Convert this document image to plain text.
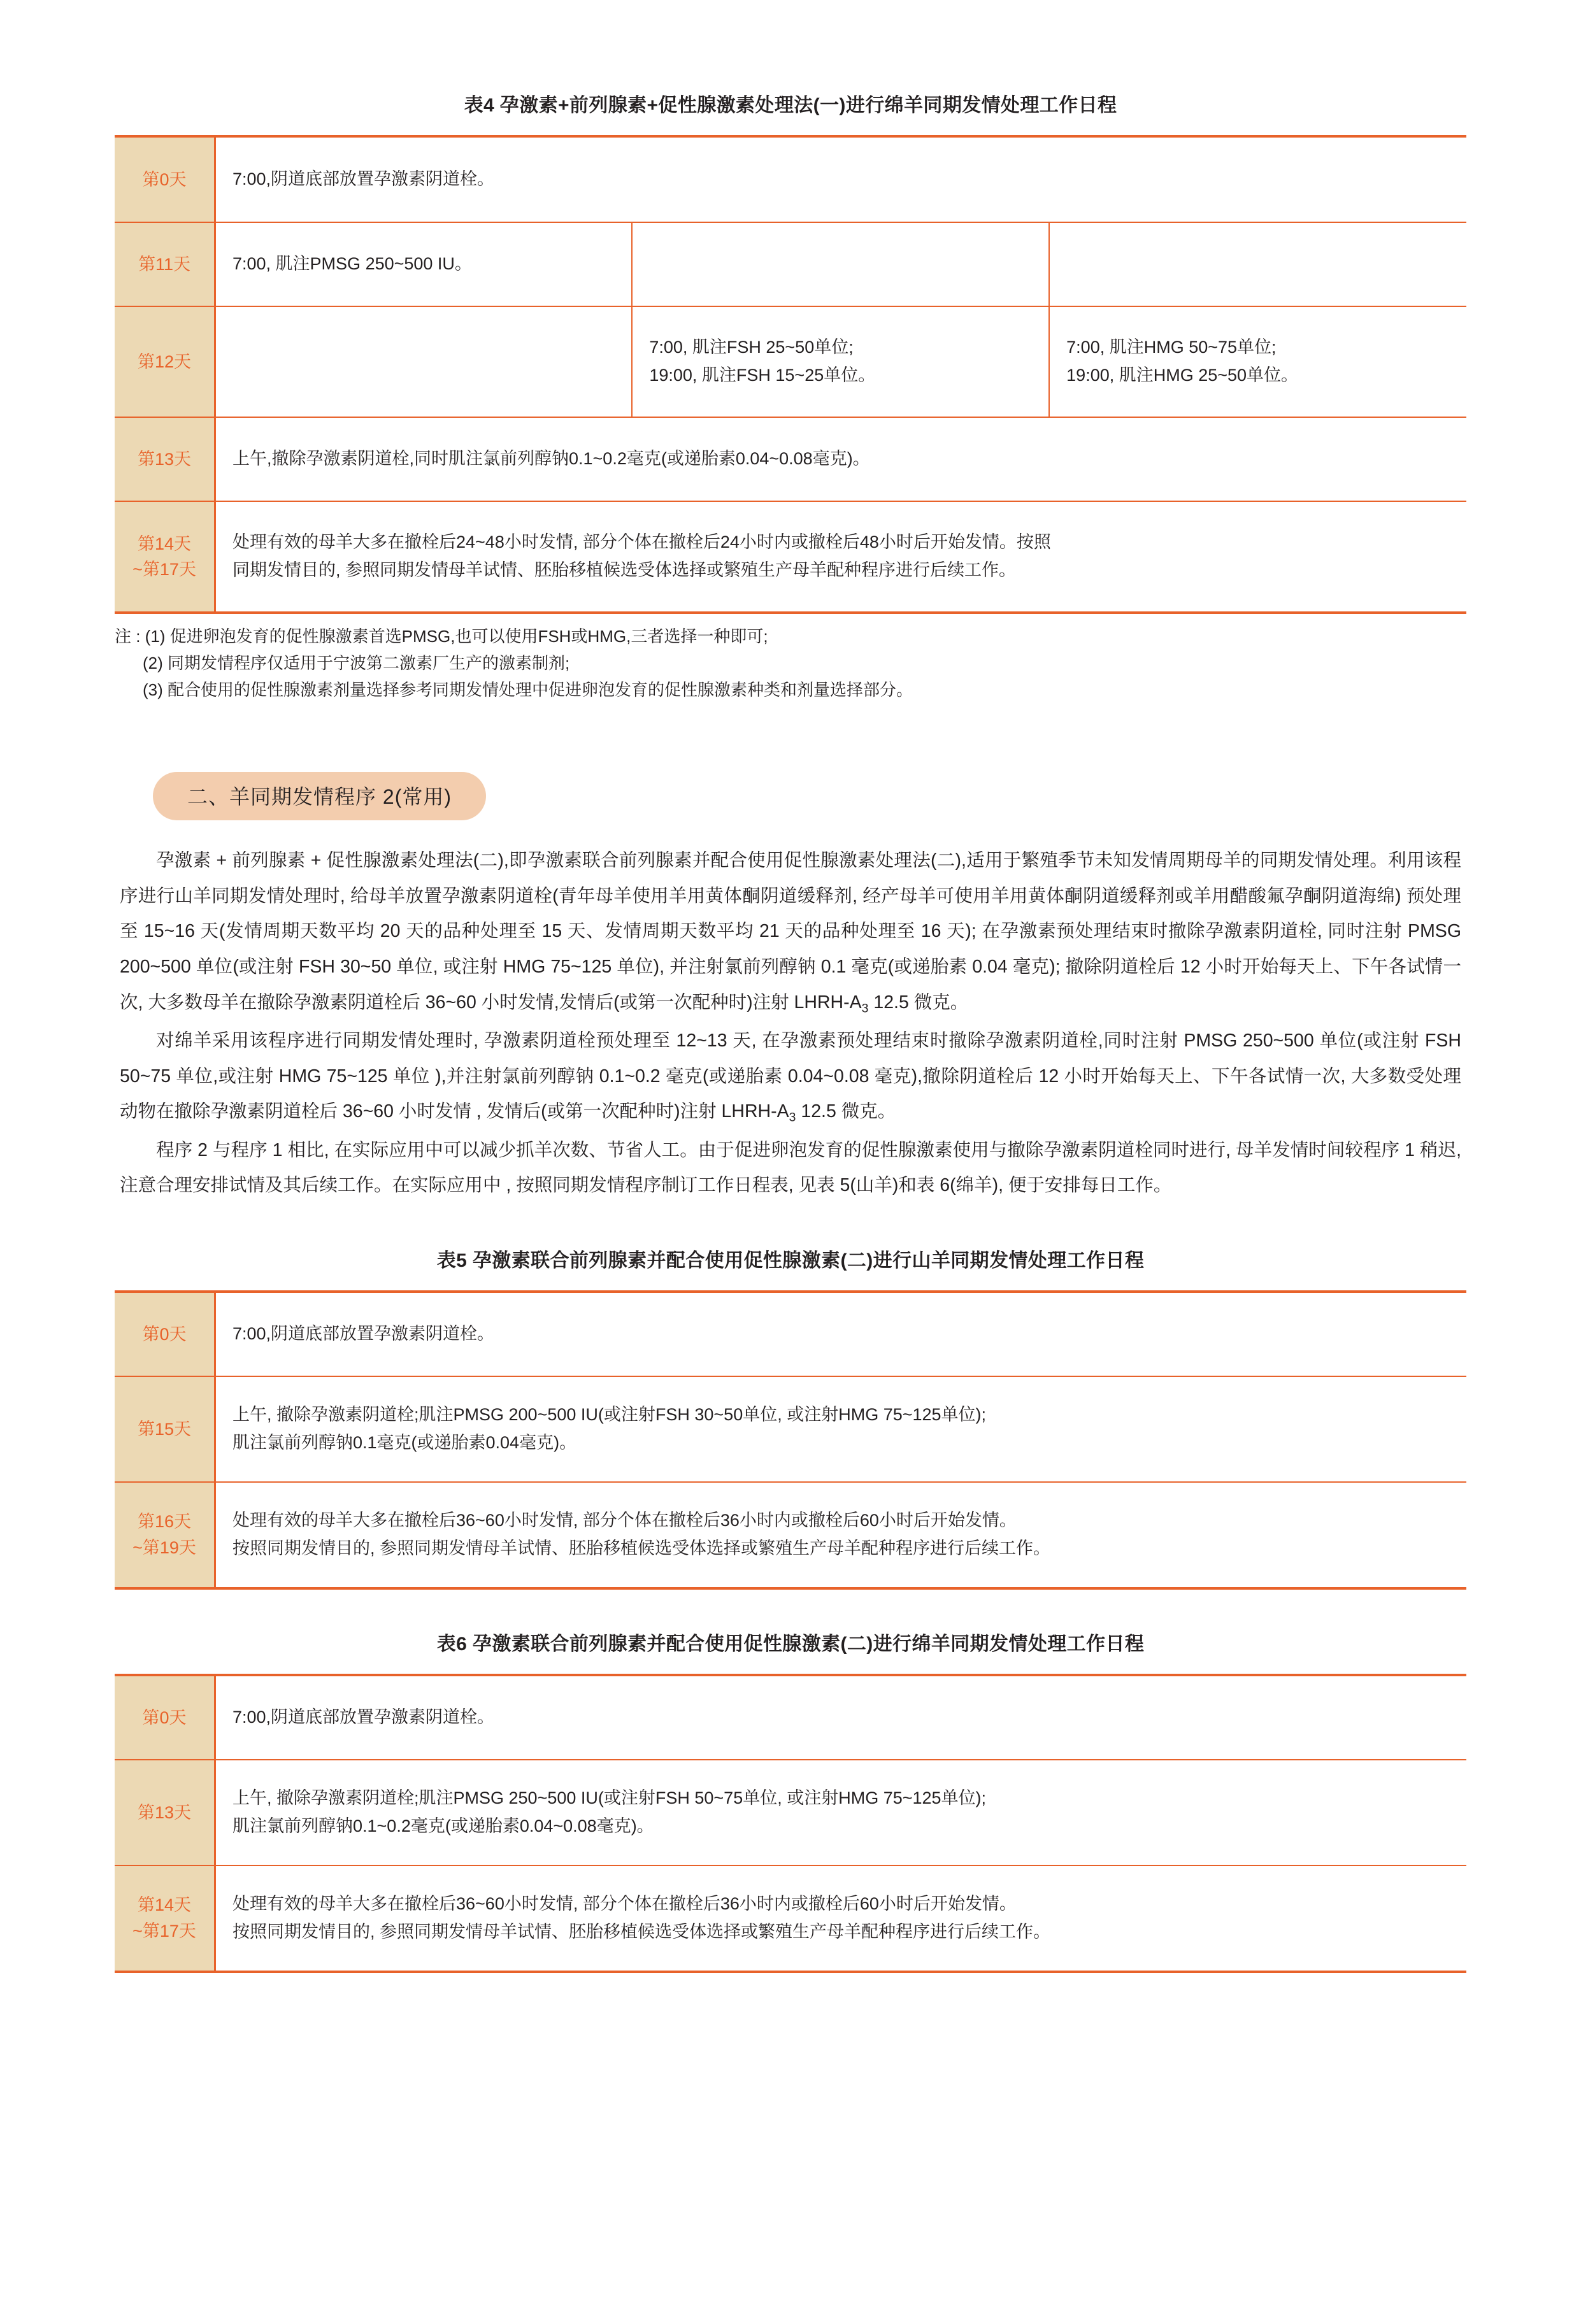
表4 孕激素+前列腺素+促性腺激素处理法(一)进行绵羊同期发情处理工作日程
第0天	7:00,阴道底部放置孕激素阴道栓。		

第11天	7:00, 肌注PMSG 250~500 IU。		

第12天		7:00, 肌注FSH 25~50单位;
19:00, 肌注FSH 15~25单位。	7:00, 肌注HMG 50~75单位;
19:00, 肌注HMG 25~50单位。

第13天	上午,撤除孕激素阴道栓,同时肌注氯前列醇钠0.1~0.2毫克(或递胎素0.04~0.08毫克)。		

第14天
~第17天	处理有效的母羊大多在撤栓后24~48小时发情, 部分个体在撤栓后24小时内或撤栓后48小时后开始发情。按照
同期发情目的, 参照同期发情母羊试情、胚胎移植候选受体选择或繁殖生产母羊配种程序进行后续工作。		
注 : (1) 促进卵泡发育的促性腺激素首选PMSG,也可以使用FSH或HMG,三者选择一种即可;
(2) 同期发情程序仅适用于宁波第二激素厂生产的激素制剂;
(3) 配合使用的促性腺激素剂量选择参考同期发情处理中促进卵泡发育的促性腺激素种类和剂量选择部分。
二、羊同期发情程序 2(常用)

孕激素 + 前列腺素 + 促性腺激素处理法(二),即孕激素联合前列腺素并配合使用促性腺激素处理法(二),适用于繁殖季节未知发情周期母羊的同期发情处理。利用该程序进行山羊同期发情处理时, 给母羊放置孕激素阴道栓(青年母羊使用羊用黄体酮阴道缓释剂, 经产母羊可使用羊用黄体酮阴道缓释剂或羊用醋酸氟孕酮阴道海绵) 预处理至 15~16 天(发情周期天数平均 20 天的品种处理至 15 天、发情周期天数平均 21 天的品种处理至 16 天); 在孕激素预处理结束时撤除孕激素阴道栓, 同时注射 PMSG 200~500 单位(或注射 FSH 30~50 单位, 或注射 HMG 75~125 单位), 并注射氯前列醇钠 0.1 毫克(或递胎素 0.04 毫克); 撤除阴道栓后 12 小时开始每天上、下午各试情一次, 大多数母羊在撤除孕激素阴道栓后 36~60 小时发情,发情后(或第一次配种时)注射 LHRH-$A_3$ 12.5 微克。

对绵羊采用该程序进行同期发情处理时, 孕激素阴道栓预处理至 12~13 天, 在孕激素预处理结束时撤除孕激素阴道栓,同时注射 PMSG 250~500 单位(或注射 FSH 50~75 单位,或注射 HMG 75~125 单位 ),并注射氯前列醇钠 0.1~0.2 毫克(或递胎素 0.04~0.08 毫克),撤除阴道栓后 12 小时开始每天上、下午各试情一次, 大多数受处理动物在撤除孕激素阴道栓后 36~60 小时发情 , 发情后(或第一次配种时)注射 LHRH-$A_3$ 12.5 微克。

程序 2 与程序 1 相比, 在实际应用中可以减少抓羊次数、节省人工。由于促进卵泡发育的促性腺激素使用与撤除孕激素阴道栓同时进行, 母羊发情时间较程序 1 稍迟, 注意合理安排试情及其后续工作。在实际应用中 , 按照同期发情程序制订工作日程表, 见表 5(山羊)和表 6(绵羊), 便于安排每日工作。

表5 孕激素联合前列腺素并配合使用促性腺激素(二)进行山羊同期发情处理工作日程
第0天	7:00,阴道底部放置孕激素阴道栓。

第15天	上午, 撤除孕激素阴道栓;肌注PMSG 200~500 IU(或注射FSH 30~50单位, 或注射HMG 75~125单位);
肌注氯前列醇钠0.1毫克(或递胎素0.04毫克)。

第16天
~第19天	处理有效的母羊大多在撤栓后36~60小时发情, 部分个体在撤栓后36小时内或撤栓后60小时后开始发情。
按照同期发情目的, 参照同期发情母羊试情、胚胎移植候选受体选择或繁殖生产母羊配种程序进行后续工作。
表6 孕激素联合前列腺素并配合使用促性腺激素(二)进行绵羊同期发情处理工作日程
第0天	7:00,阴道底部放置孕激素阴道栓。

第13天	上午, 撤除孕激素阴道栓;肌注PMSG 250~500 IU(或注射FSH 50~75单位, 或注射HMG 75~125单位);
肌注氯前列醇钠0.1~0.2毫克(或递胎素0.04~0.08毫克)。

第14天
~第17天	处理有效的母羊大多在撤栓后36~60小时发情, 部分个体在撤栓后36小时内或撤栓后60小时后开始发情。
按照同期发情目的, 参照同期发情母羊试情、胚胎移植候选受体选择或繁殖生产母羊配种程序进行后续工作。
